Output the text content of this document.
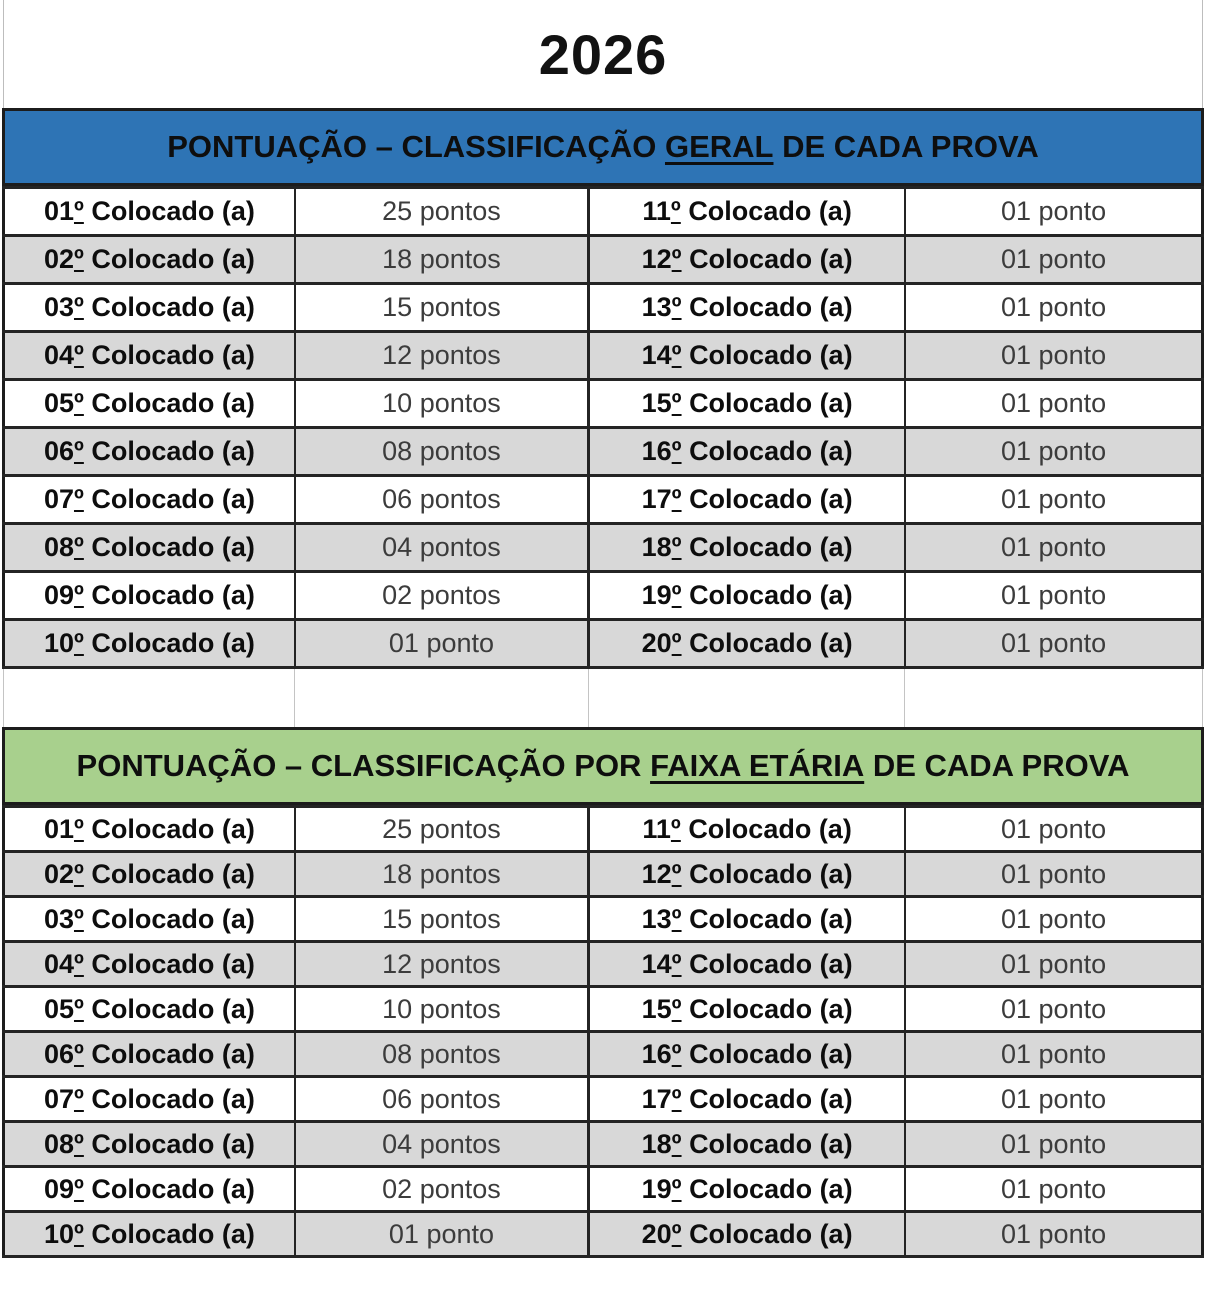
2026
PONTUAÇÃO – CLASSIFICAÇÃO GERAL DE CADA PROVA
01º Colocado (a)	25 pontos	11º Colocado (a)	01 ponto
02º Colocado (a)	18 pontos	12º Colocado (a)	01 ponto
03º Colocado (a)	15 pontos	13º Colocado (a)	01 ponto
04º Colocado (a)	12 pontos	14º Colocado (a)	01 ponto
05º Colocado (a)	10 pontos	15º Colocado (a)	01 ponto
06º Colocado (a)	08 pontos	16º Colocado (a)	01 ponto
07º Colocado (a)	06 pontos	17º Colocado (a)	01 ponto
08º Colocado (a)	04 pontos	18º Colocado (a)	01 ponto
09º Colocado (a)	02 pontos	19º Colocado (a)	01 ponto
10º Colocado (a)	01 ponto	20º Colocado (a)	01 ponto
PONTUAÇÃO – CLASSIFICAÇÃO POR FAIXA ETÁRIA DE CADA PROVA
01º Colocado (a)	25 pontos	11º Colocado (a)	01 ponto
02º Colocado (a)	18 pontos	12º Colocado (a)	01 ponto
03º Colocado (a)	15 pontos	13º Colocado (a)	01 ponto
04º Colocado (a)	12 pontos	14º Colocado (a)	01 ponto
05º Colocado (a)	10 pontos	15º Colocado (a)	01 ponto
06º Colocado (a)	08 pontos	16º Colocado (a)	01 ponto
07º Colocado (a)	06 pontos	17º Colocado (a)	01 ponto
08º Colocado (a)	04 pontos	18º Colocado (a)	01 ponto
09º Colocado (a)	02 pontos	19º Colocado (a)	01 ponto
10º Colocado (a)	01 ponto	20º Colocado (a)	01 ponto
